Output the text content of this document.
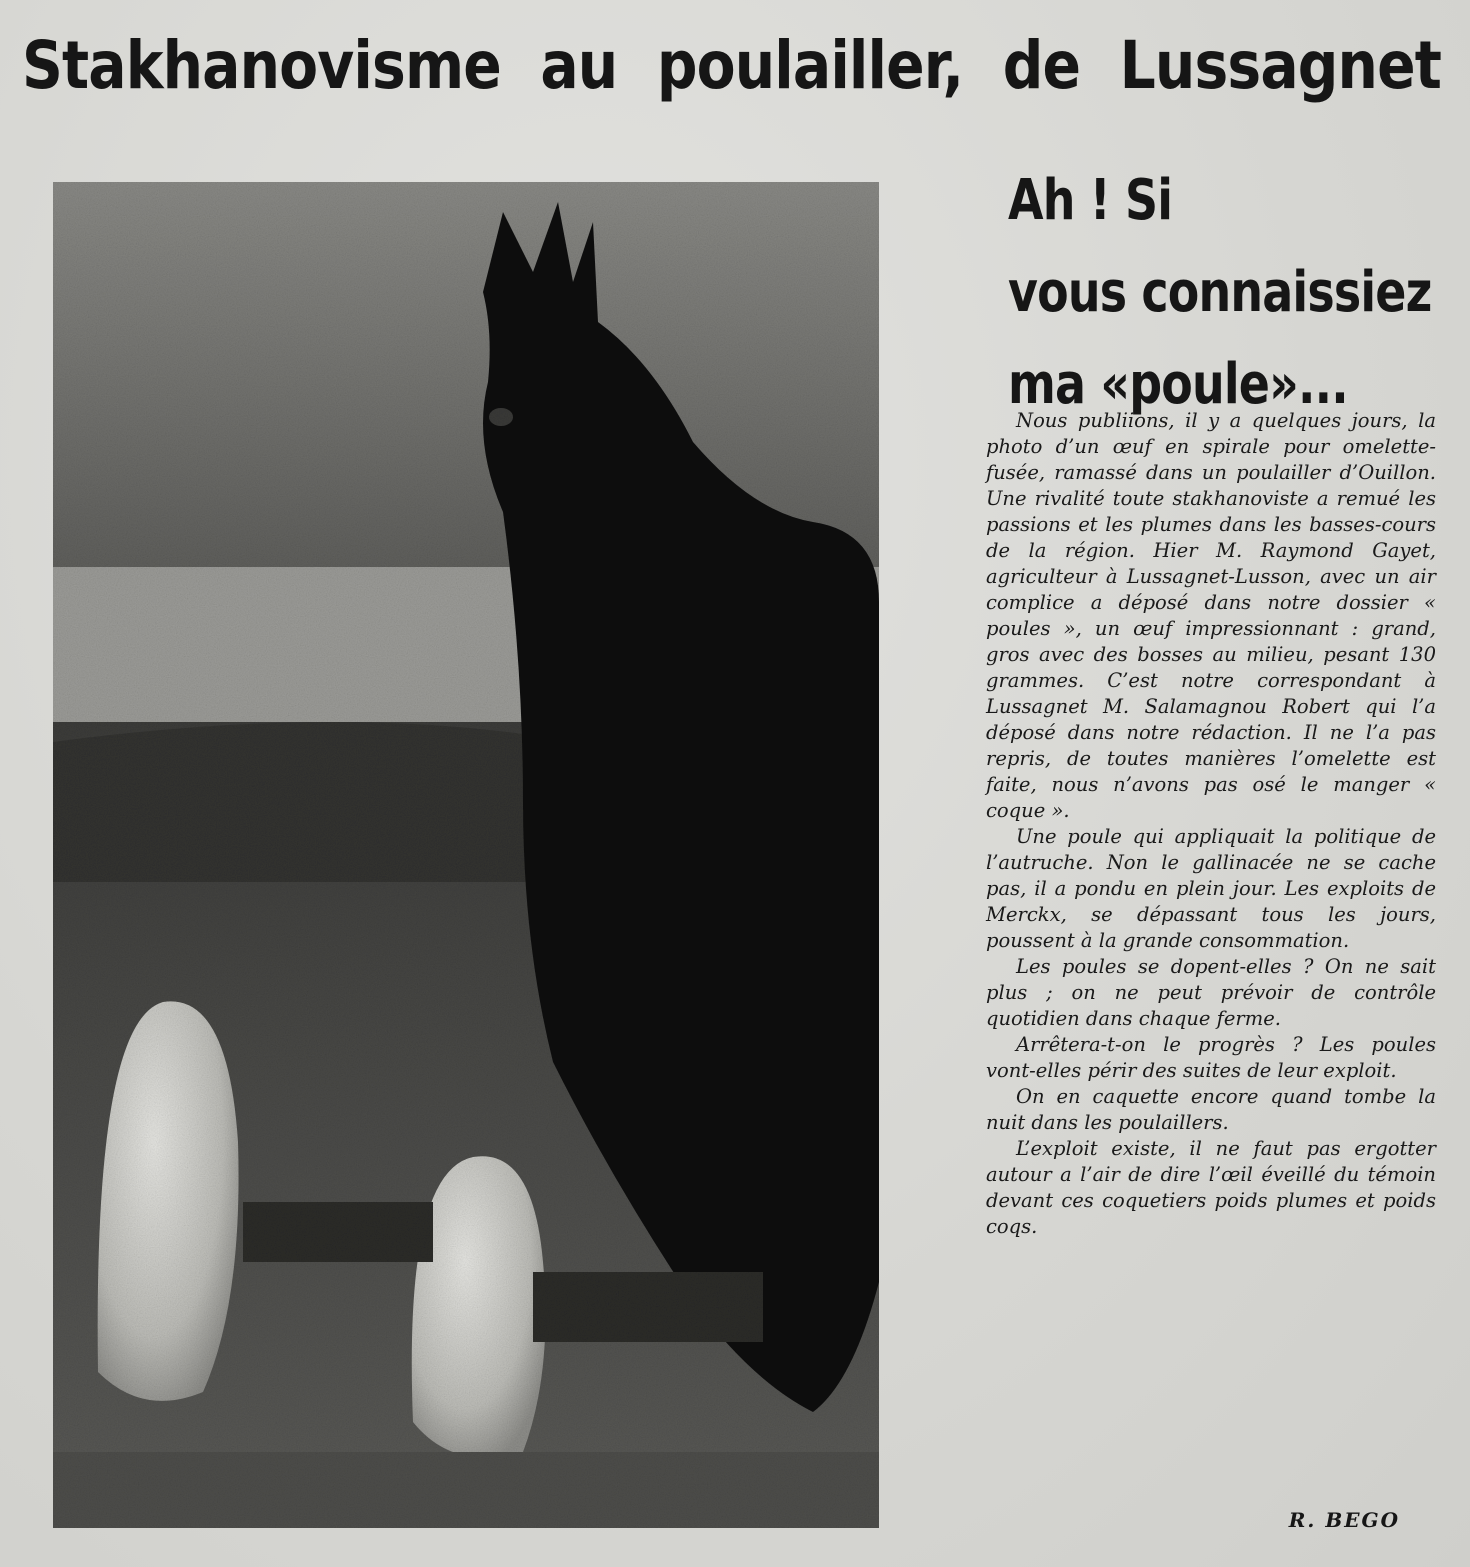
Stakhanovisme au poulailler, de Lussagnet
Ah ! Si
vous connaissiez
ma «poule»...

Nous publiions, il y a quelques jours, la photo d’un œuf en spirale pour omelette-fusée, ramassé dans un poulailler d’Ouillon. Une rivalité toute stakhanoviste a remué les passions et les plumes dans les basses-cours de la région. Hier M. Raymond Gayet, agriculteur à Lussagnet-Lusson, avec un air complice a déposé dans notre dossier « poules », un œuf impressionnant : grand, gros avec des bosses au milieu, pesant 130 grammes. C’est notre correspondant à Lussagnet M. Salamagnou Robert qui l’a déposé dans notre rédaction. Il ne l’a pas repris, de toutes manières l’omelette est faite, nous n’avons pas osé le manger « coque ».

Une poule qui appliquait la politique de l’autruche. Non le gallinacée ne se cache pas, il a pondu en plein jour. Les exploits de Merckx, se dépassant tous les jours, poussent à la grande consommation.

Les poules se dopent-elles ? On ne sait plus ; on ne peut prévoir de contrôle quotidien dans chaque ferme.

Arrêtera-t-on le progrès ? Les poules vont-elles périr des suites de leur exploit.

On en caquette encore quand tombe la nuit dans les poulaillers.

L’exploit existe, il ne faut pas ergotter autour a l’air de dire l’œil éveillé du témoin devant ces coquetiers poids plumes et poids coqs.

R. BEGO
